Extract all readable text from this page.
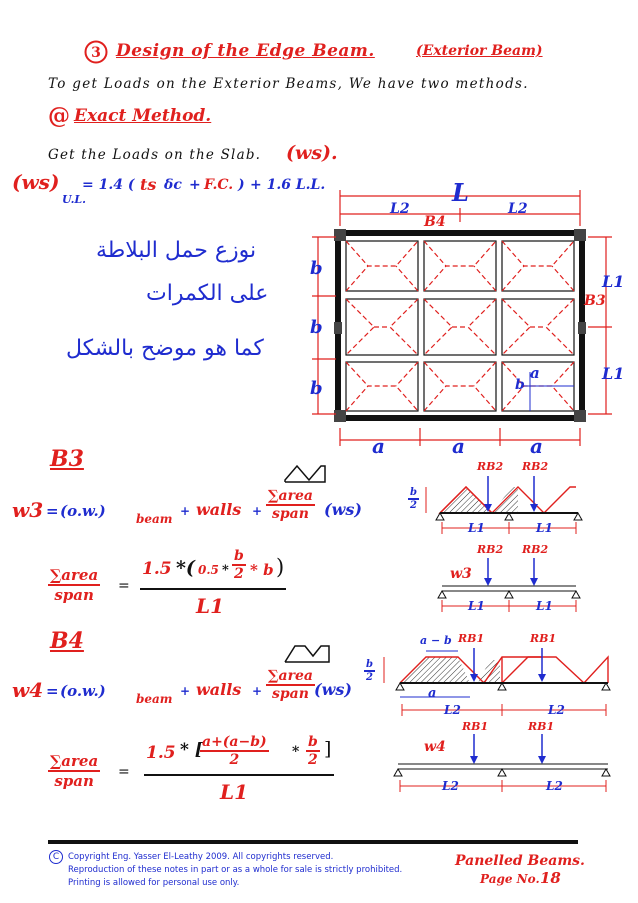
3 Design of the Edge Beam.	(Exterior Beam)
To get Loads on the Exterior Beams, We have two methods.
@ Exact Method.
Get the Loads on the Slab. (ws).
(ws)
U.L.
= 1.4 ( ts δc + F.C. ) + 1.6 L.L.
نوزع حمل البلاطة
على الكمرات
كما هو موضح بالشكل
L
L2	L2
B4
B3
L1
L1
b
b
b
a
b
a	a	a
B3
w3 = (o.w.)	beam
+ walls + $\frac{\text{∑area}}{\text{span}} (ws)$
$\frac{\text{∑area}}{\text{span}}$ =
1.5 *( $0.5 * \frac{b}{2}$ * b )
L1
$\frac{b}{2}$
RB2 RB2
L1	L1
RB2 RB2
w3
L1	L1
B4
w4 = (o.w.)	beam
+ walls + $\frac{\text{∑area}}{\text{span}} (ws)$
$\frac{\text{∑area}}{\text{span}}$ =
1.5 * [
$\frac{a+(a-b)}{2} * \frac{b}{2}$ ]
L1
a − b RB1	RB1
$\frac{b}{2}$
a
L2	L2
RB1	RB1
w4
L2	L2
C	Copyright Eng. Yasser El-Leathy 2009. All copyrights reserved.
Reproduction of these notes in part or as a whole for sale is strictly prohibited.
Printing is allowed for personal use only.
Panelled Beams.
Page No. 18
